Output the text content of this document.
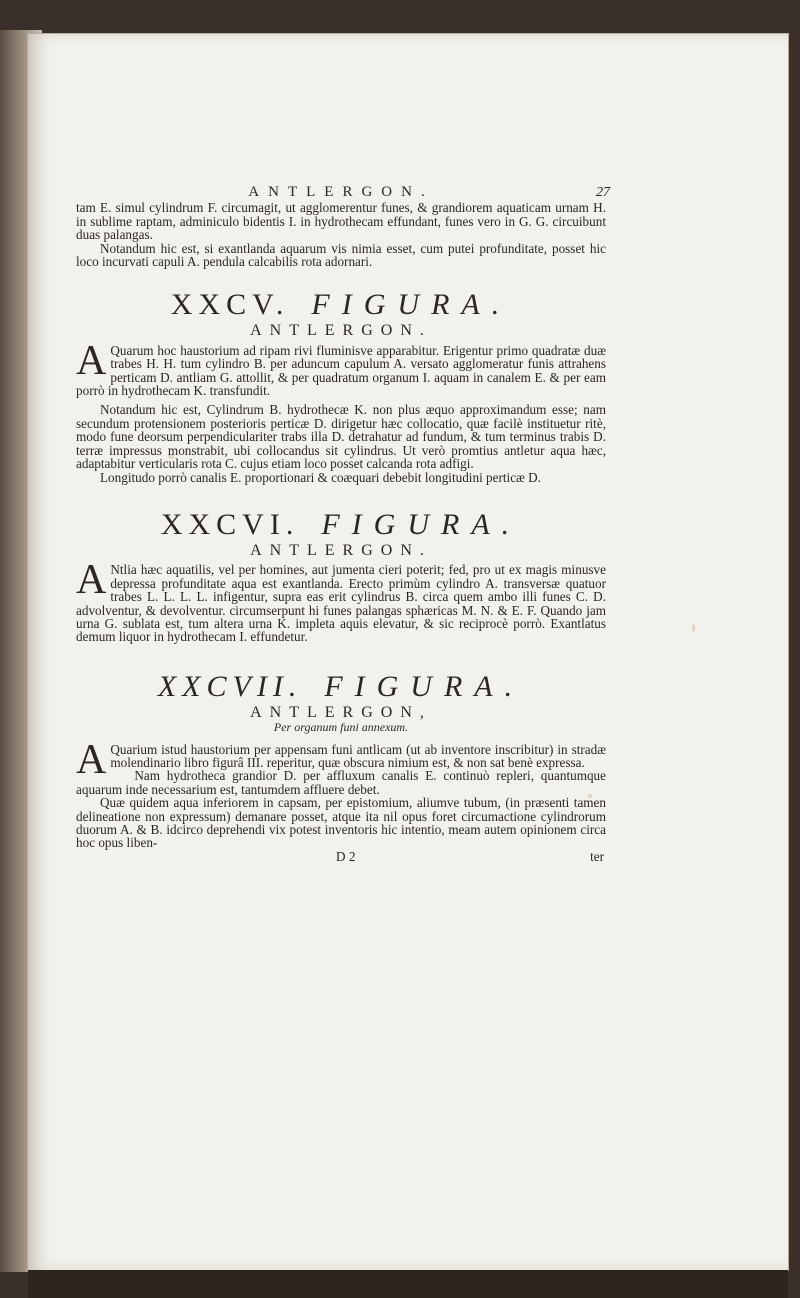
ANTLERGON.	27

tam E. simul cylindrum F. circumagit, ut agglomerentur funes, & grandiorem aquaticam urnam H. in sublime raptam, adminiculo bidentis I. in hydrothecam effundant, funes vero in G. G. circuibunt duas palangas.

Notandum hic est, si exantlanda aquarum vis nimia esset, cum putei profunditate, posset hic loco incurvati capuli A. pendula calcabilis rota adornari.

XXCV. FIGURA.
ANTLERGON.

A Quarum hoc haustorium ad ripam rivi fluminisve apparabitur. Erigentur primo quadratæ duæ trabes H. H. tum cylindro B. per aduncum capulum A. versato agglomeratur funis attrahens perticam D. antliam G. attollit, & per quadratum organum I. aquam in canalem E. & per eam porrò in hydrothecam K. transfundit.

Notandum hic est, Cylindrum B. hydrothecæ K. non plus æquo approximandum esse; nam secundum protensionem posterioris perticæ D. dirigetur hæc collocatio, quæ facilè instituetur ritè, modo fune deorsum perpendiculariter trabs illa D. detrahatur ad fundum, & tum terminus trabis D. terræ impressus monstrabit, ubi collocandus sit cylindrus. Ut verò promtius antletur aqua hæc, adaptabitur verticularis rota C. cujus etiam loco posset calcanda rota adfigi.

Longitudo porrò canalis E. proportionari & coæquari debebit longitudini perticæ D.

XXCVI. FIGURA.
ANTLERGON.

A Ntlia hæc aquatilis, vel per homines, aut jumenta cieri poterit; fed, pro ut ex magis minusve depressa profunditate aqua est exantlanda. Erecto primùm cylindro A. transversæ quatuor trabes L. L. L. L. infigentur, supra eas erit cylindrus B. circa quem ambo illi funes C. D. advolventur, & devolventur. circumserpunt hi funes palangas sphæricas M. N. & E. F. Quando jam urna G. sublata est, tum altera urna K. impleta aquis elevatur, & sic reciprocè porrò. Exantlatus demum liquor in hydrothecam I. effundetur.

XXCVII. FIGURA.
ANTLERGON,
Per organum funi annexum.

A Quarium istud haustorium per appensam funi antlicam (ut ab inventore inscribitur) in stradæ molendinario libro figurâ III. reperitur, quæ obscura nimium est, & non sat benè expressa.

Nam hydrotheca grandior D. per affluxum canalis E. continuò repleri, quantumque aquarum inde necessarium est, tantumdem affluere debet.

Quæ quidem aqua inferiorem in capsam, per epistomium, aliumve tubum, (in præsenti tamen delineatione non expressum) demanare posset, atque ita nil opus foret circumactione cylindrorum duorum A. & B. idcirco deprehendi vix potest inventoris hic intentio, meam autem opinionem circa hoc opus liben-

D 2	ter
